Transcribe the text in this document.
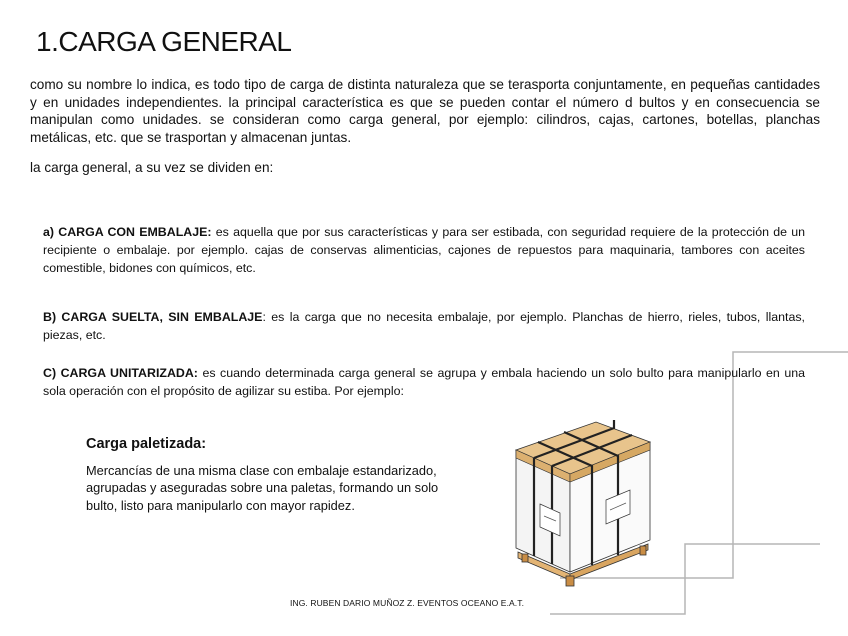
1.CARGA GENERAL

como su nombre lo indica, es todo tipo de carga de distinta naturaleza que se terasporta conjuntamente, en pequeñas cantidades y en unidades independientes. la principal característica es que se pueden contar el número d bultos y en consecuencia se manipulan como unidades. se consideran como carga general, por ejemplo: cilindros, cajas, cartones, botellas, planchas metálicas, etc. que se trasportan y almacenan juntas.

la carga general, a su vez se dividen en:

a) CARGA CON EMBALAJE: es aquella que por sus características y para ser estibada, con seguridad requiere de la protección de un recipiente o embalaje. por ejemplo. cajas de conservas alimenticias, cajones de repuestos para maquinaria, tambores con aceites comestible, bidones con químicos, etc.

B) CARGA SUELTA, SIN EMBALAJE: es la carga que no necesita embalaje, por ejemplo. Planchas de hierro, rieles, tubos, llantas, piezas, etc.

C) CARGA UNITARIZADA: es cuando determinada carga general se agrupa y embala haciendo un solo bulto para manipularlo en una sola operación con el propósito de agilizar su estiba. Por ejemplo:

Carga paletizada:

Mercancías de una misma clase con embalaje estandarizado, agrupadas y aseguradas sobre una paletas, formando un solo bulto, listo para manipularlo con mayor rapidez.

ING. RUBEN DARIO MUÑOZ Z. EVENTOS OCEANO E.A.T.
